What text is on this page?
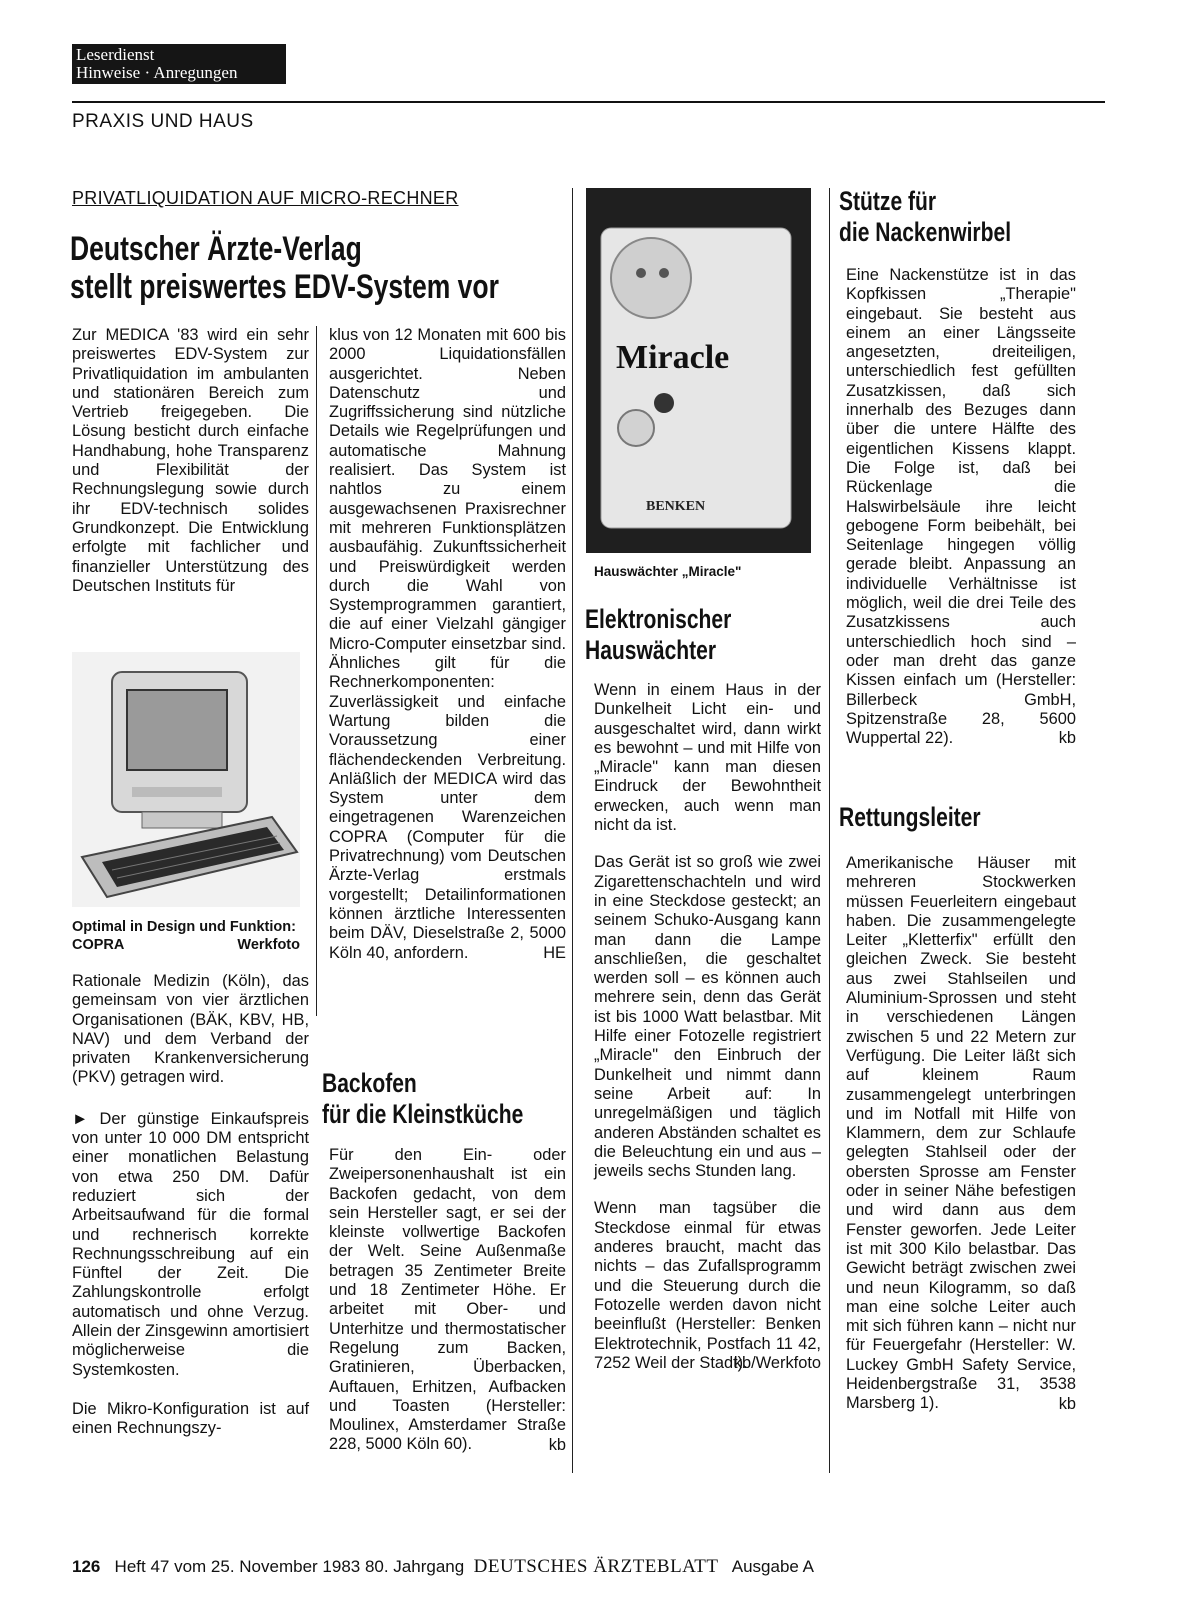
Leserdienst
Hinweise · Anregungen
PRAXIS UND HAUS
PRIVATLIQUIDATION AUF MICRO-RECHNER
Deutscher Ärzte-Verlag
stellt preiswertes EDV-System vor

Zur MEDICA '83 wird ein sehr preiswertes EDV-System zur Privatliquidation im ambulanten und stationären Bereich zum Vertrieb freigegeben. Die Lösung besticht durch einfache Handhabung, hohe Transparenz und Flexibilität der Rechnungslegung sowie durch ihr EDV-technisch solides Grundkonzept. Die Entwicklung erfolgte mit fachlicher und finanzieller Unterstützung des Deutschen Instituts für

Optimal in Design und Funktion: COPRA	Werkfoto

Rationale Medizin (Köln), das gemeinsam von vier ärztlichen Organisationen (BÄK, KBV, HB, NAV) und dem Verband der privaten Krankenversicherung (PKV) getragen wird.

► Der günstige Einkaufspreis von unter 10 000 DM entspricht einer monatlichen Belastung von etwa 250 DM. Dafür reduziert sich der Arbeitsaufwand für die formal und rechnerisch korrekte Rechnungsschreibung auf ein Fünftel der Zeit. Die Zahlungskontrolle erfolgt automatisch und ohne Verzug. Allein der Zinsgewinn amortisiert möglicherweise die Systemkosten.

Die Mikro-Konfiguration ist auf einen Rechnungszy-

klus von 12 Monaten mit 600 bis 2000 Liquidationsfällen ausgerichtet. Neben Datenschutz und Zugriffssicherung sind nützliche Details wie Regelprüfungen und automatische Mahnung realisiert. Das System ist nahtlos zu einem ausgewachsenen Praxisrechner mit mehreren Funktionsplätzen ausbaufähig. Zukunftssicherheit und Preiswürdigkeit werden durch die Wahl von Systemprogrammen garantiert, die auf einer Vielzahl gängiger Micro-Computer einsetzbar sind. Ähnliches gilt für die Rechnerkomponenten: Zuverlässigkeit und einfache Wartung bilden die Voraussetzung einer flächendeckenden Verbreitung. Anläßlich der MEDICA wird das System unter dem eingetragenen Warenzeichen COPRA (Computer für die Privatrechnung) vom Deutschen Ärzte-Verlag erstmals vorgestellt; Detailinformationen können ärztliche Interessenten beim DÄV, Dieselstraße 2, 5000 Köln 40, anfordern.	HE
Backofen
für die Kleinstküche

Für den Ein- oder Zweipersonenhaushalt ist ein Backofen gedacht, von dem sein Hersteller sagt, er sei der kleinste vollwertige Backofen der Welt. Seine Außenmaße betragen 35 Zentimeter Breite und 18 Zentimeter Höhe. Er arbeitet mit Ober- und Unterhitze und thermostatischer Regelung zum Backen, Gratinieren, Überbacken, Auftauen, Erhitzen, Aufbacken und Toasten (Hersteller: Moulinex, Amsterdamer Straße 228, 5000 Köln 60).	kb
Miracle
BENKEN
Hauswächter „Miracle"
Elektronischer
Hauswächter

Wenn in einem Haus in der Dunkelheit Licht ein- und ausgeschaltet wird, dann wirkt es bewohnt – und mit Hilfe von „Miracle" kann man diesen Eindruck der Bewohntheit erwecken, auch wenn man nicht da ist.

Das Gerät ist so groß wie zwei Zigarettenschachteln und wird in eine Steckdose gesteckt; an seinem Schuko-Ausgang kann man dann die Lampe anschließen, die geschaltet werden soll – es können auch mehrere sein, denn das Gerät ist bis 1000 Watt belastbar. Mit Hilfe einer Fotozelle registriert „Miracle" den Einbruch der Dunkelheit und nimmt dann seine Arbeit auf: In unregelmäßigen und täglich anderen Abständen schaltet es die Beleuchtung ein und aus – jeweils sechs Stunden lang.

Wenn man tagsüber die Steckdose einmal für etwas anderes braucht, macht das nichts – das Zufallsprogramm und die Steuerung durch die Fotozelle werden davon nicht beeinflußt (Hersteller: Benken Elektrotechnik, Postfach 11 42, 7252 Weil der Stadt).

kb/Werkfoto
Stütze für
die Nackenwirbel

Eine Nackenstütze ist in das Kopfkissen „Therapie" eingebaut. Sie besteht aus einem an einer Längsseite angesetzten, dreiteiligen, unterschiedlich fest gefüllten Zusatzkissen, daß sich innerhalb des Bezuges dann über die untere Hälfte des eigentlichen Kissens klappt. Die Folge ist, daß bei Rückenlage die Halswirbelsäule ihre leicht gebogene Form beibehält, bei Seitenlage hingegen völlig gerade bleibt. Anpassung an individuelle Verhältnisse ist möglich, weil die drei Teile des Zusatzkissens auch unterschiedlich hoch sind – oder man dreht das ganze Kissen einfach um (Hersteller: Billerbeck GmbH, Spitzenstraße 28, 5600 Wuppertal 22).	kb
Rettungsleiter

Amerikanische Häuser mit mehreren Stockwerken müssen Feuerleitern eingebaut haben. Die zusammengelegte Leiter „Kletterfix" erfüllt den gleichen Zweck. Sie besteht aus zwei Stahlseilen und Aluminium-Sprossen und steht in verschiedenen Längen zwischen 5 und 22 Metern zur Verfügung. Die Leiter läßt sich auf kleinem Raum zusammengelegt unterbringen und im Notfall mit Hilfe von Klammern, dem zur Schlaufe gelegten Stahlseil oder der obersten Sprosse am Fenster oder in seiner Nähe befestigen und wird dann aus dem Fenster geworfen. Jede Leiter ist mit 300 Kilo belastbar. Das Gewicht beträgt zwischen zwei und neun Kilogramm, so daß man eine solche Leiter auch mit sich führen kann – nicht nur für Feuergefahr (Hersteller: W. Luckey GmbH Safety Service, Heidenbergstraße 31, 3538 Marsberg 1).	kb
126 Heft 47 vom 25. November 1983 80. Jahrgang DEUTSCHES ÄRZTEBLATT Ausgabe A
